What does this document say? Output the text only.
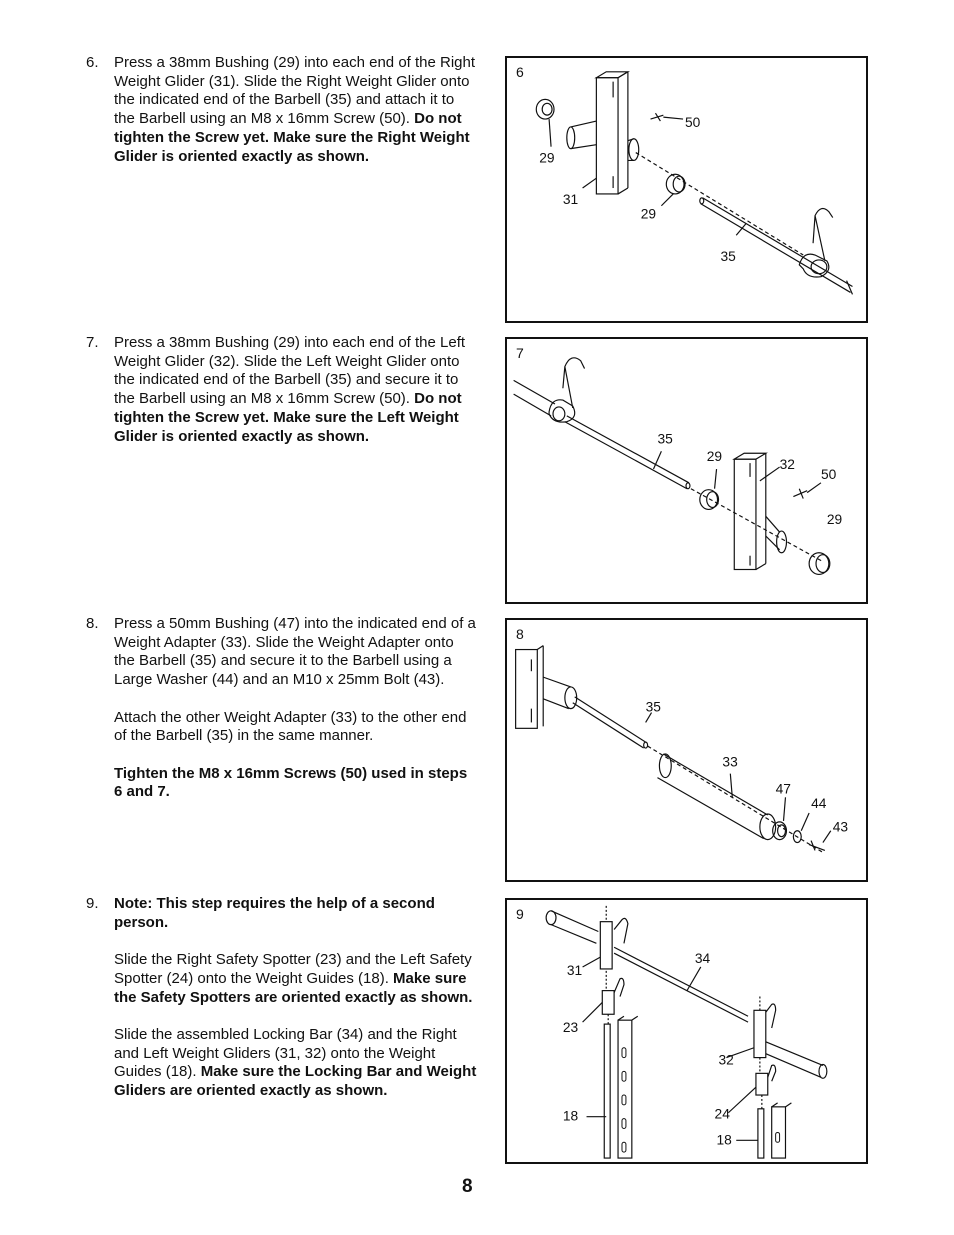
6. Press a 38mm Bushing (29) into each end of the Right Weight Glider (31). Slide the Right Weight Glider onto the indicated end of the Barbell (35) and attach it to the Barbell using an M8 x 16mm Screw (50). Do not tighten the Screw yet. Make sure the Right Weight Glider is oriented exactly as shown.

7. Press a 38mm Bushing (29) into each end of the Left Weight Glider (32). Slide the Left Weight Glider onto the indicated end of the Barbell (35) and secure it to the Barbell using an M8 x 16mm Screw (50). Do not tighten the Screw yet. Make sure the Left Weight Glider is oriented exactly as shown.

8. Press a 50mm Bushing (47) into the indicated end of a Weight Adapter (33). Slide the Weight Adapter onto the Barbell (35) and secure it to the Barbell using a Large Washer (44) and an M10 x 25mm Bolt (43).

Attach the other Weight Adapter (33) to the other end of the Barbell (35) in the same manner.

Tighten the M8 x 16mm Screws (50) used in steps 6 and 7.

9. Note: This step requires the help of a second person.

Slide the Right Safety Spotter (23) and the Left Safety Spotter (24) onto the Weight Guides (18). Make sure the Safety Spotters are oriented exactly as shown.

Slide the assembled Locking Bar (34) and the Right and Left Weight Gliders (31, 32) onto the Weight Guides (18). Make sure the Locking Bar and Weight Gliders are oriented exactly as shown.

29
31
50
29
35
6
35
29
32
50
29
7
35
33
47
44
43
8
31
34
23
32
24
18
18
9
8
